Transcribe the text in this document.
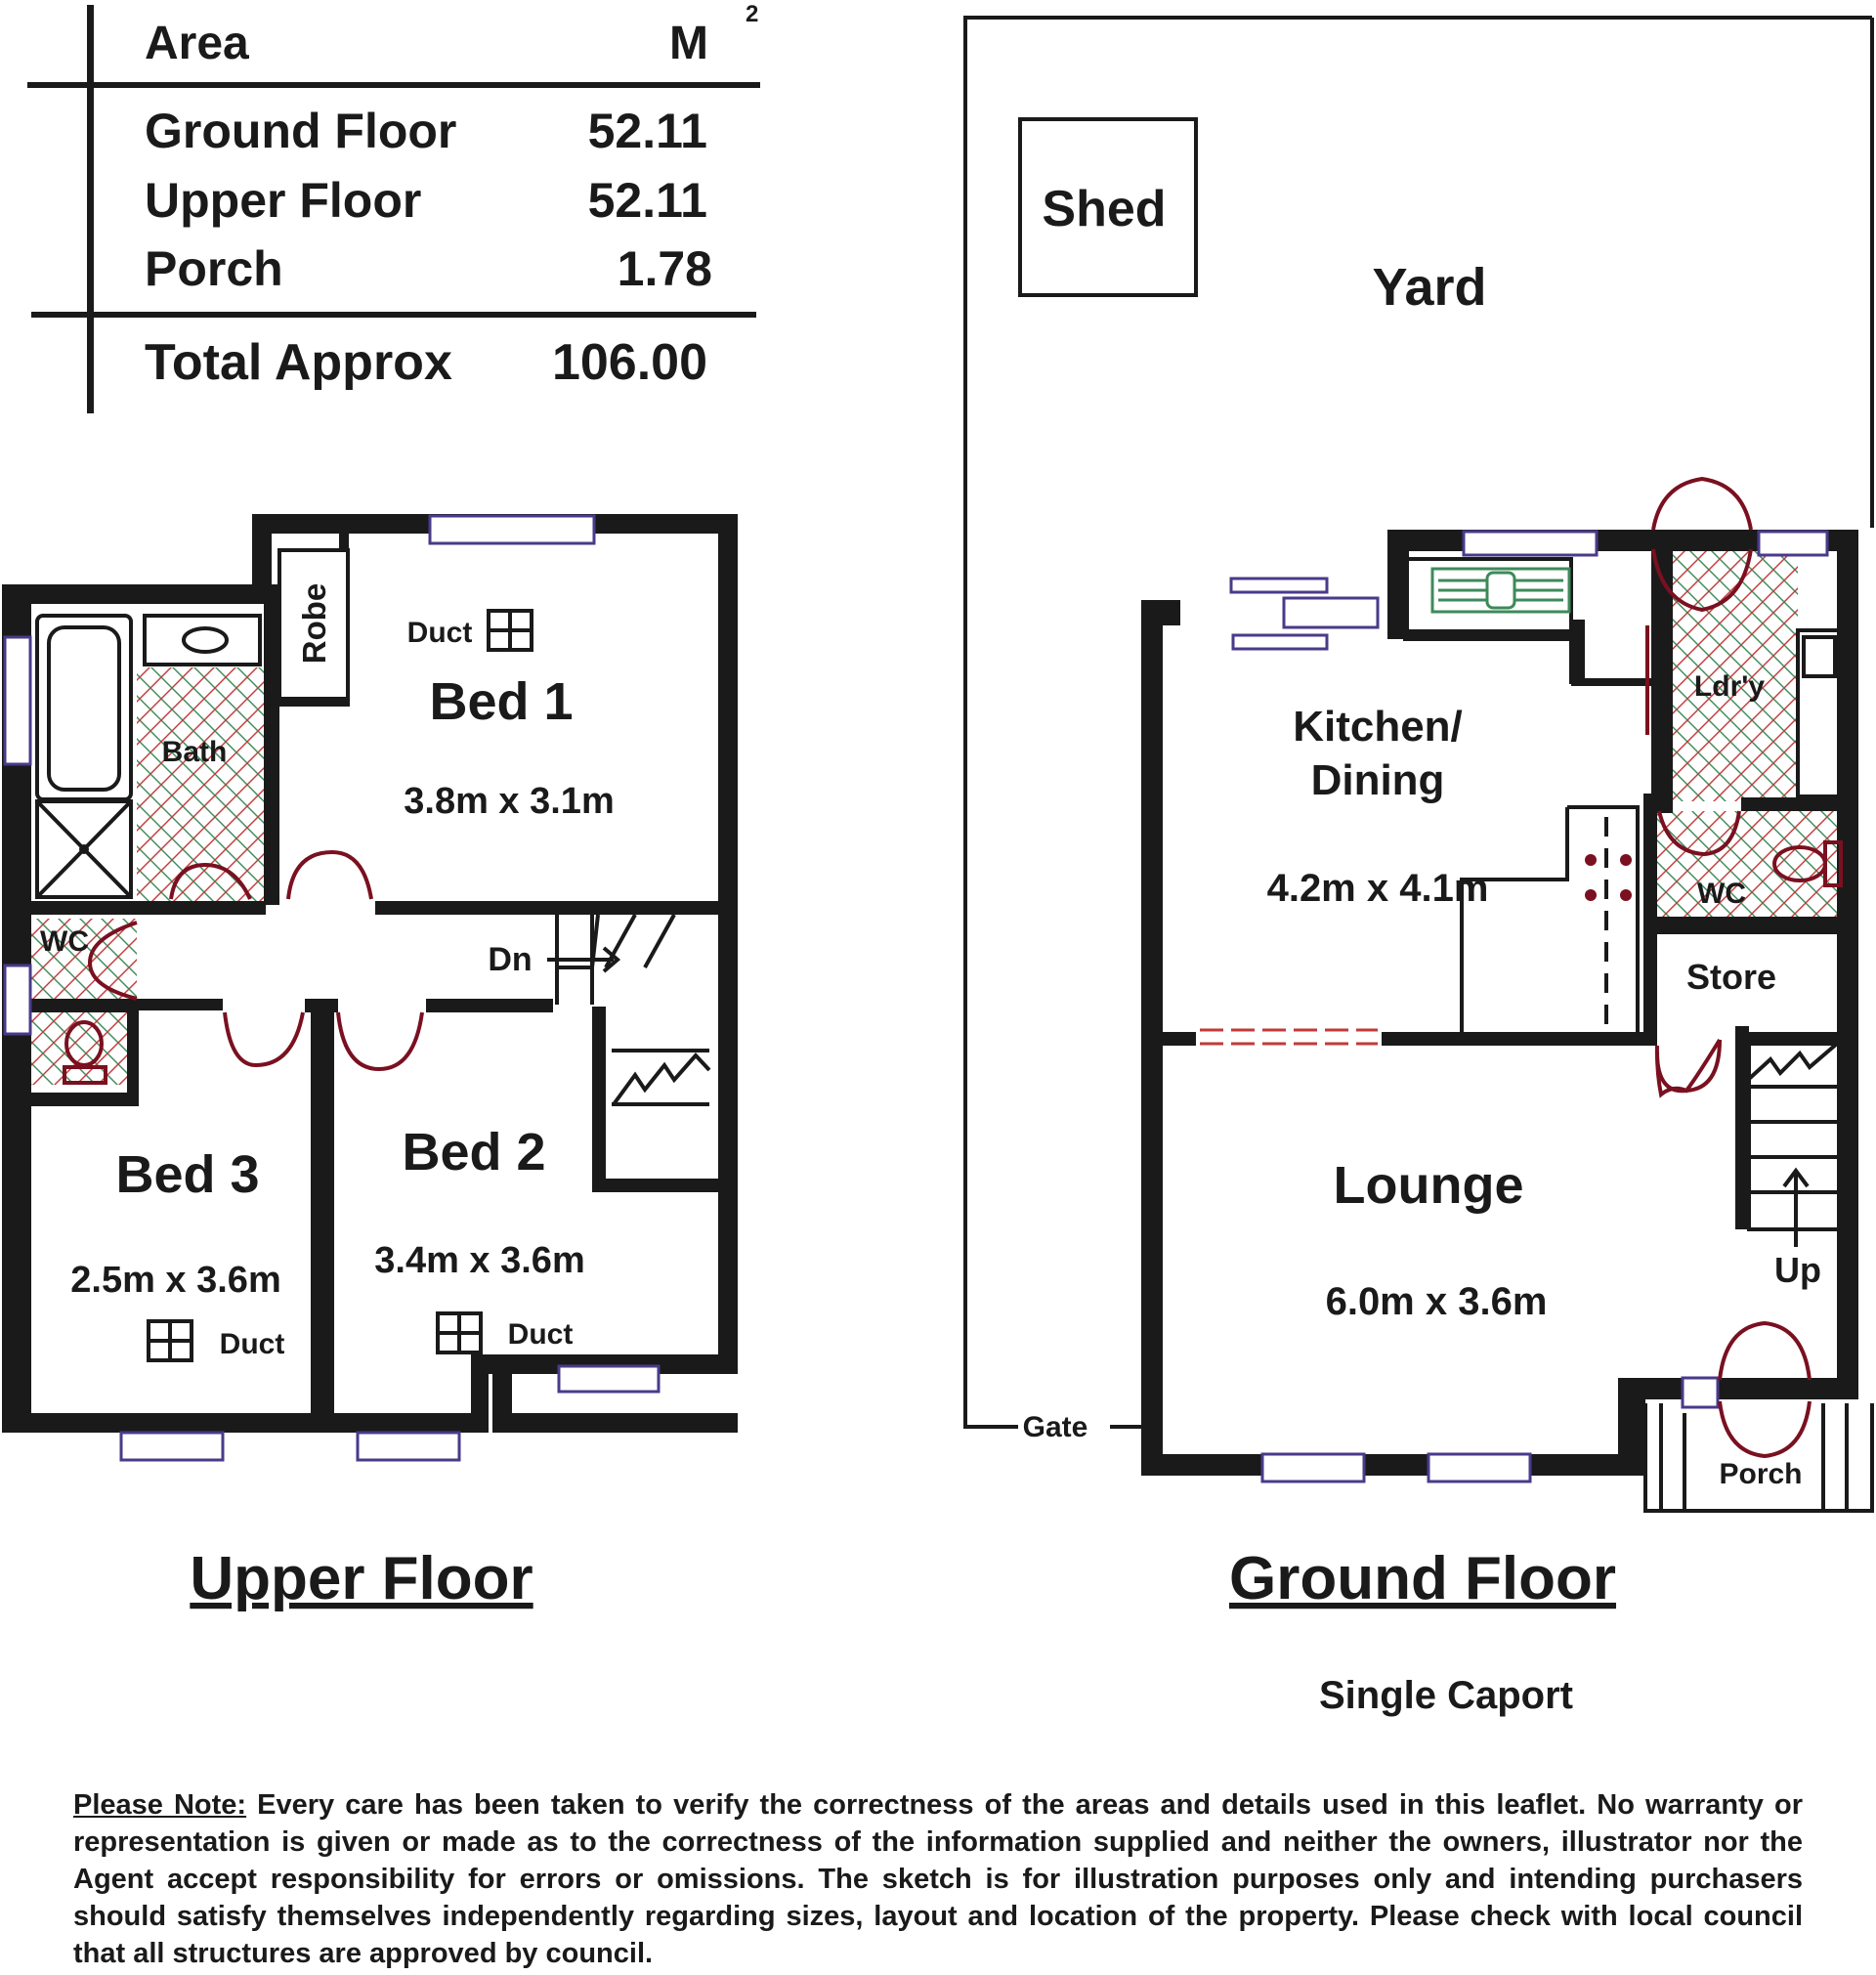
Area	M
2
Ground Floor	52.11
Upper Floor	52.11
Porch	1.78
Total Approx 106.00
Bath
WC
Robe	Duct
Bed 1
3.8m x 3.1m
Dn
Bed 2
3.4m x 3.6m
Duct
Bed 3
2.5m x 3.6m
Duct
Upper Floor
Shed
Yard
Ldr'y
Kitchen/
Dining
4.2m x 4.1m	WC
Store
Lounge
6.0m x 3.6m
Up
Gate
Porch
Ground Floor
Single Caport
Please Note: Every care has been taken to verify the correctness of the areas and details used in this leaflet. No warranty or representation is given or made as to the correctness of the information supplied and neither the owners, illustrator nor the Agent accept responsibility for errors or omissions. The sketch is for illustration purposes only and intending purchasers should satisfy themselves independently regarding sizes, layout and location of the property. Please check with local council that all structures are approved by council.
